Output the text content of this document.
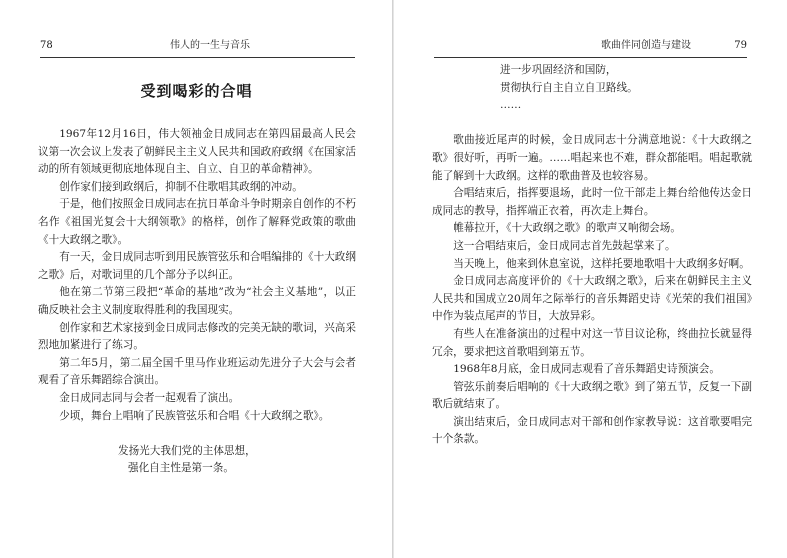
78	伟人的一生与音乐
受到喝彩的合唱

1967年12月16日，伟大领袖金日成同志在第四届最高人民会议第一次会议上发表了朝鲜民主主义人民共和国政府政纲《在国家活动的所有领域更彻底地体现自主、自立、自卫的革命精神》。

创作家们接到政纲后，抑制不住歌唱其政纲的冲动。

于是，他们按照金日成同志在抗日革命斗争时期亲自创作的不朽名作《祖国光复会十大纲领歌》的格样，创作了解释党政策的歌曲《十大政纲之歌》。

有一天，金日成同志听到用民族管弦乐和合唱编排的《十大政纲之歌》后，对歌词里的几个部分予以纠正。

他在第二节第三段把“革命的基地”改为“社会主义基地”，以正确反映社会主义制度取得胜利的我国现实。

创作家和艺术家接到金日成同志修改的完美无缺的歌词，兴高采烈地加紧进行了练习。

第二年5月，第二届全国千里马作业班运动先进分子大会与会者观看了音乐舞蹈综合演出。

金日成同志同与会者一起观看了演出。

少顷，舞台上唱响了民族管弦乐和合唱《十大政纲之歌》。

发扬光大我们党的主体思想，
强化自主性是第一条。
歌曲伴同创造与建设	79
进一步巩固经济和国防，
贯彻执行自主自立自卫路线。
……

歌曲接近尾声的时候，金日成同志十分满意地说：《十大政纲之歌》很好听，再听一遍。……唱起来也不难，群众都能唱。唱起歌就能了解到十大政纲。这样的歌曲普及也较容易。

合唱结束后，指挥要退场，此时一位干部走上舞台给他传达金日成同志的教导，指挥端正衣着，再次走上舞台。

帷幕拉开，《十大政纲之歌》的歌声又响彻会场。

这一合唱结束后，金日成同志首先鼓起掌来了。

当天晚上，他来到休息室说，这样托要地歌唱十大政纲多好啊。

金日成同志高度评价的《十大政纲之歌》，后来在朝鲜民主主义人民共和国成立20周年之际举行的音乐舞蹈史诗《光荣的我们祖国》中作为装点尾声的节目，大放异彩。

有些人在准备演出的过程中对这一节目议论称，终曲拉长就显得冗余，要求把这首歌唱到第五节。

1968年8月底，金日成同志观看了音乐舞蹈史诗预演会。

管弦乐前奏后唱响的《十大政纲之歌》到了第五节，反复一下副歌后就结束了。

演出结束后，金日成同志对干部和创作家教导说：这首歌要唱完十个条款。
